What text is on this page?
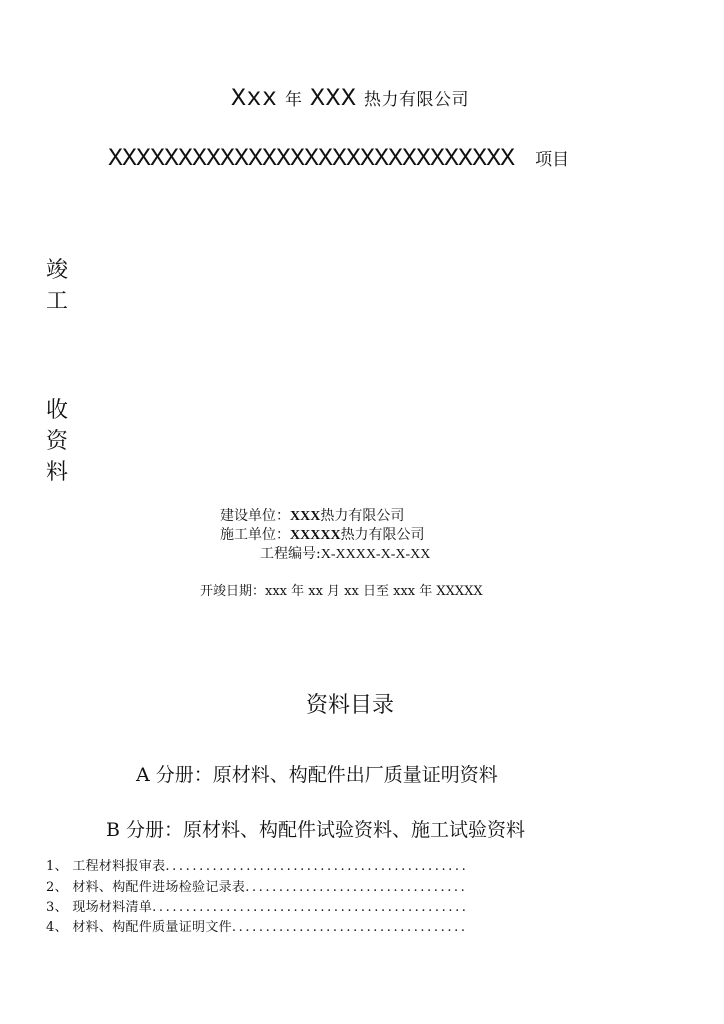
Xxx 年 XXX 热力有限公司
XXXXXXXXXXXXXXXXXXXXXXXXXXXXX 项目
竣
工
收
资
料
建设单位：XXX热力有限公司
施工单位：XXXXX热力有限公司
工程编号:X-XXXX-X-X-XX
开竣日期：xxx 年 xx 月 xx 日至 xxx 年 XXXXX
资料目录
A 分册：原材料、构配件出厂质量证明资料
B 分册：原材料、构配件试验资料、施工试验资料
1、 工程材料报审表.............................................
2、 材料、构配件进场检验记录表.................................
3、 现场材料清单...............................................
4、 材料、构配件质量证明文件...................................
